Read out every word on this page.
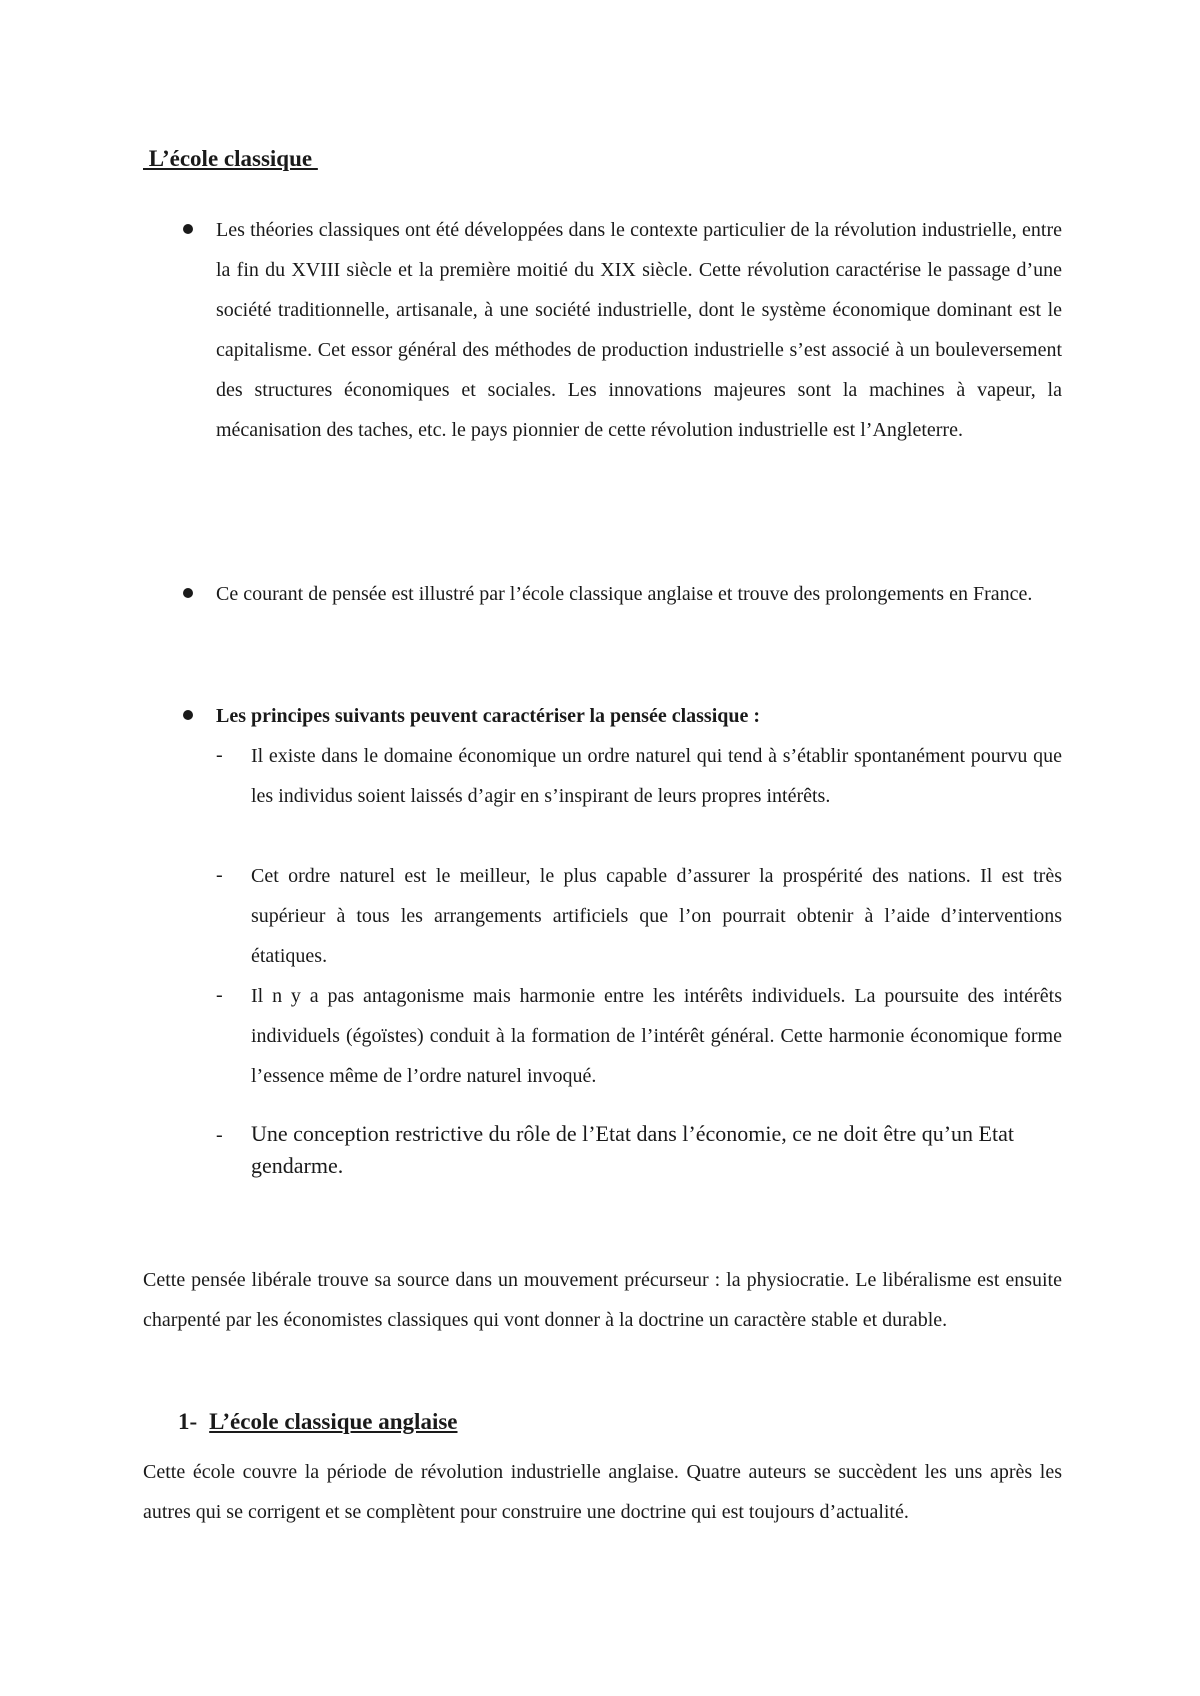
L’école classique
Les théories classiques ont été développées dans le contexte particulier de la révolution industrielle, entre la fin du XVIII siècle et la première moitié du XIX siècle. Cette révolution caractérise le passage d’une société traditionnelle, artisanale, à une société industrielle, dont le système économique dominant est le capitalisme. Cet essor général des méthodes de production industrielle s’est associé à un bouleversement des structures économiques et sociales. Les innovations majeures sont la machines à vapeur, la mécanisation des taches, etc. le pays pionnier de cette révolution industrielle est l’Angleterre.
Ce courant de pensée est illustré par l’école classique anglaise et trouve des prolongements en France.
Les principes suivants peuvent caractériser la pensée classique :
- Il existe dans le domaine économique un ordre naturel qui tend à s’établir spontanément pourvu que les individus soient laissés d’agir en s’inspirant de leurs propres intérêts.
- Cet ordre naturel est le meilleur, le plus capable d’assurer la prospérité des nations. Il est très supérieur à tous les arrangements artificiels que l’on pourrait obtenir à l’aide d’interventions étatiques.
- Il n y a pas antagonisme mais harmonie entre les intérêts individuels. La poursuite des intérêts individuels (égoïstes) conduit à la formation de l’intérêt général. Cette harmonie économique forme l’essence même de l’ordre naturel invoqué.
- Une conception restrictive du rôle de l’Etat dans l’économie, ce ne doit être qu’un Etat gendarme.
Cette pensée libérale trouve sa source dans un mouvement précurseur : la physiocratie. Le libéralisme est ensuite charpenté par les économistes classiques qui vont donner à la doctrine un caractère stable et durable.
1- L’école classique anglaise
Cette école couvre la période de révolution industrielle anglaise. Quatre auteurs se succèdent les uns après les autres qui se corrigent et se complètent pour construire une doctrine qui est toujours d’actualité.
